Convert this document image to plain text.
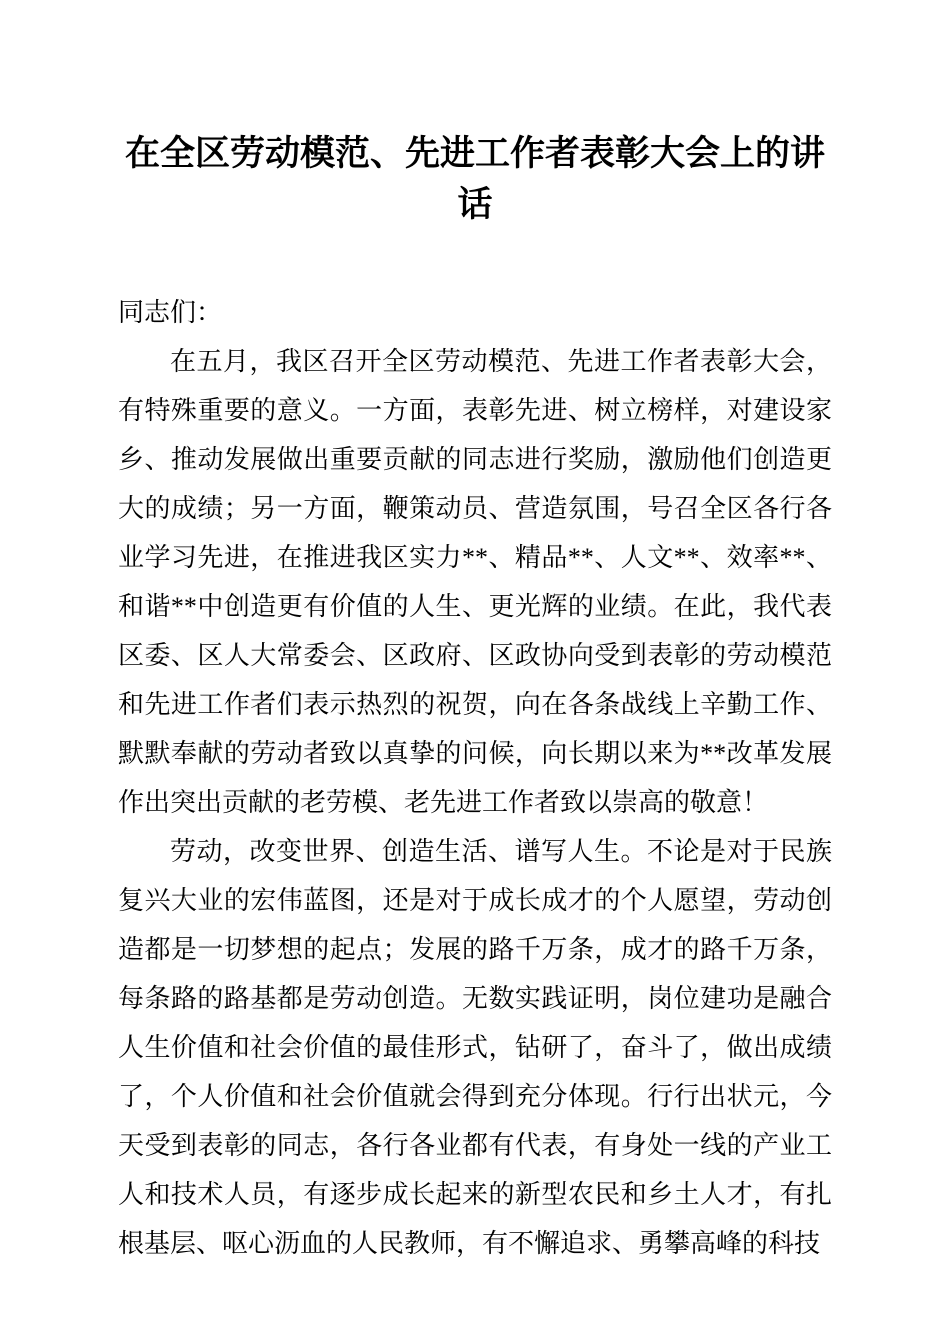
在全区劳动模范、先进工作者表彰大会上的讲话

同志们：

在五月，我区召开全区劳动模范、先进工作者表彰大会，有特殊重要的意义。一方面，表彰先进、树立榜样，对建设家乡、推动发展做出重要贡献的同志进行奖励，激励他们创造更大的成绩；另一方面，鞭策动员、营造氛围，号召全区各行各业学习先进，在推进我区实力**、精品**、人文**、效率**、和谐**中创造更有价值的人生、更光辉的业绩。在此，我代表区委、区人大常委会、区政府、区政协向受到表彰的劳动模范和先进工作者们表示热烈的祝贺，向在各条战线上辛勤工作、默默奉献的劳动者致以真挚的问候，向长期以来为**改革发展作出突出贡献的老劳模、老先进工作者致以崇高的敬意！

劳动，改变世界、创造生活、谱写人生。不论是对于民族复兴大业的宏伟蓝图，还是对于成长成才的个人愿望，劳动创造都是一切梦想的起点；发展的路千万条，成才的路千万条，每条路的路基都是劳动创造。无数实践证明，岗位建功是融合人生价值和社会价值的最佳形式，钻研了，奋斗了，做出成绩了，个人价值和社会价值就会得到充分体现。行行出状元，今天受到表彰的同志，各行各业都有代表，有身处一线的产业工人和技术人员，有逐步成长起来的新型农民和乡土人才，有扎根基层、呕心沥血的人民教师，有不懈追求、勇攀高峰的科技
